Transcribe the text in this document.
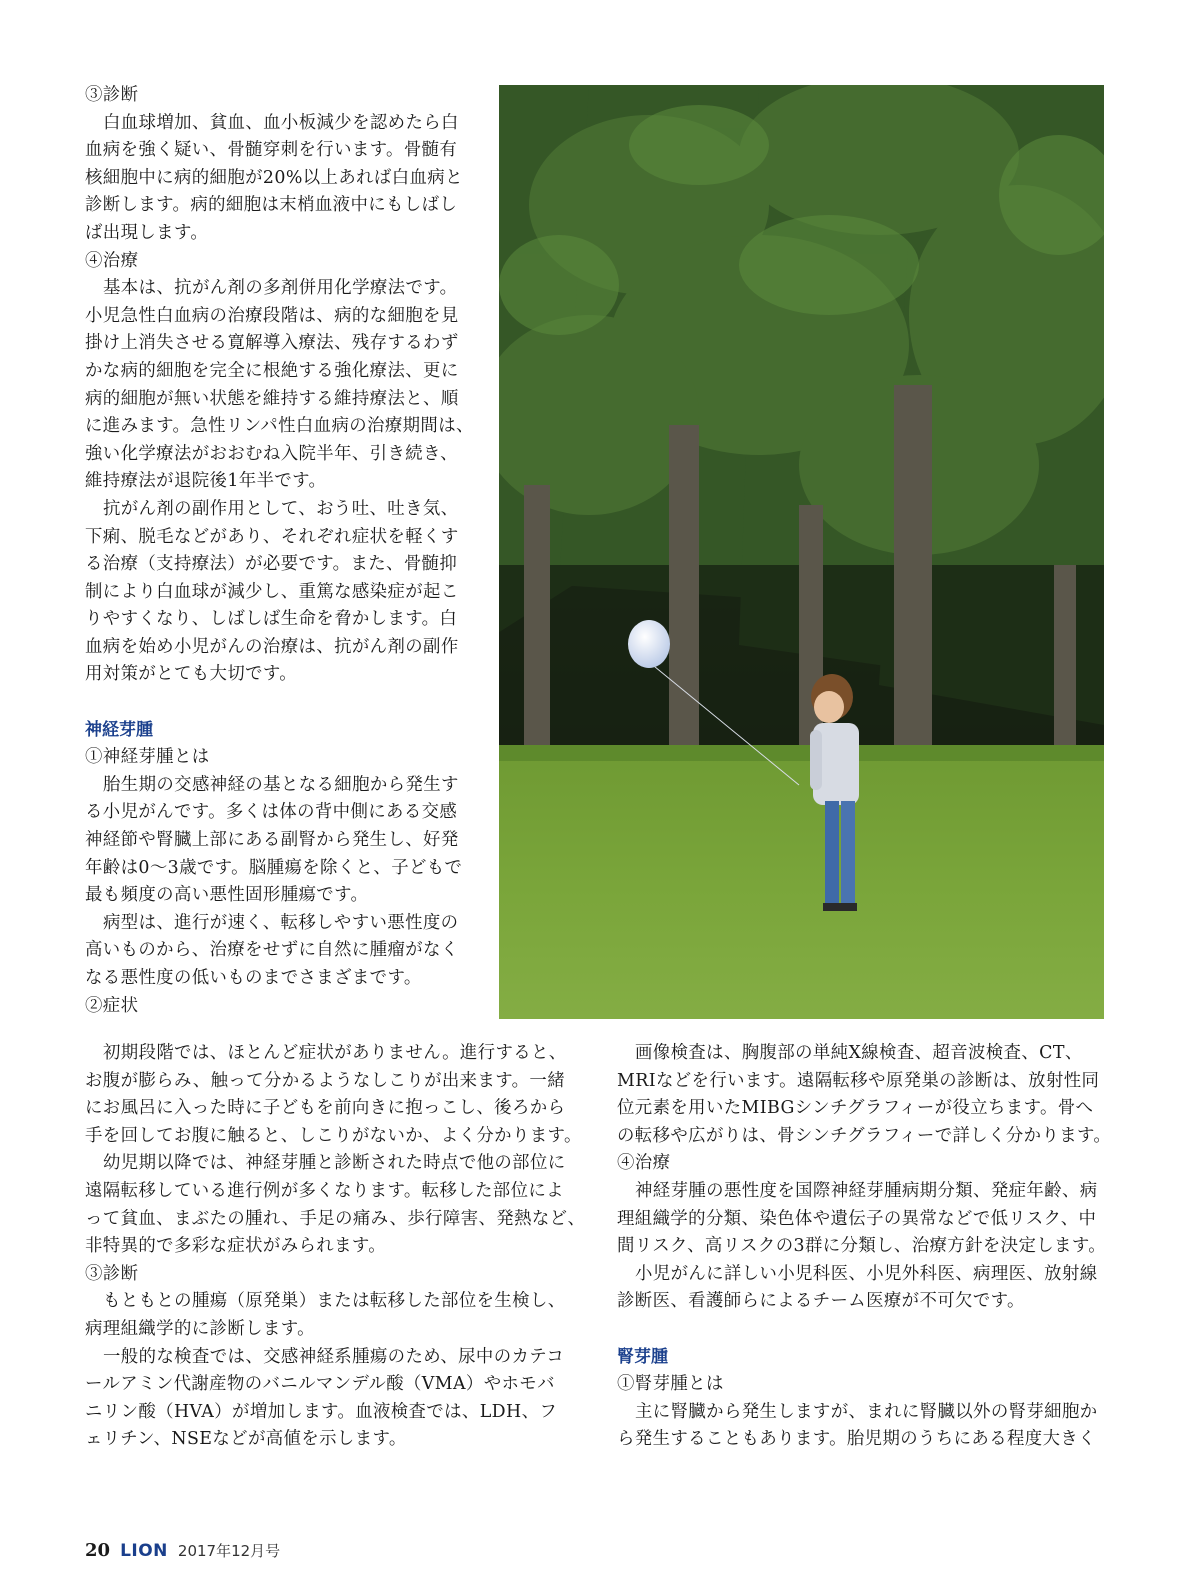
③診断
白血球増加、貧血、血小板減少を認めたら白
血病を強く疑い、骨髄穿刺を行います。骨髄有
核細胞中に病的細胞が20%以上あれば白血病と
診断します。病的細胞は末梢血液中にもしばし
ば出現します。
④治療
基本は、抗がん剤の多剤併用化学療法です。
小児急性白血病の治療段階は、病的な細胞を見
掛け上消失させる寛解導入療法、残存するわず
かな病的細胞を完全に根絶する強化療法、更に
病的細胞が無い状態を維持する維持療法と、順
に進みます。急性リンパ性白血病の治療期間は、
強い化学療法がおおむね入院半年、引き続き、
維持療法が退院後1年半です。
抗がん剤の副作用として、おう吐、吐き気、
下痢、脱毛などがあり、それぞれ症状を軽くす
る治療（支持療法）が必要です。また、骨髄抑
制により白血球が減少し、重篤な感染症が起こ
りやすくなり、しばしば生命を脅かします。白
血病を始め小児がんの治療は、抗がん剤の副作
用対策がとても大切です。
神経芽腫
①神経芽腫とは
胎生期の交感神経の基となる細胞から発生す
る小児がんです。多くは体の背中側にある交感
神経節や腎臓上部にある副腎から発生し、好発
年齢は0～3歳です。脳腫瘍を除くと、子どもで
最も頻度の高い悪性固形腫瘍です。
病型は、進行が速く、転移しやすい悪性度の
高いものから、治療をせずに自然に腫瘤がなく
なる悪性度の低いものまでさまざまです。
②症状
初期段階では、ほとんど症状がありません。進行すると、
お腹が膨らみ、触って分かるようなしこりが出来ます。一緒
にお風呂に入った時に子どもを前向きに抱っこし、後ろから
手を回してお腹に触ると、しこりがないか、よく分かります。
幼児期以降では、神経芽腫と診断された時点で他の部位に
遠隔転移している進行例が多くなります。転移した部位によ
って貧血、まぶたの腫れ、手足の痛み、歩行障害、発熱など、
非特異的で多彩な症状がみられます。
③診断
もともとの腫瘍（原発巣）または転移した部位を生検し、
病理組織学的に診断します。
一般的な検査では、交感神経系腫瘍のため、尿中のカテコ
ールアミン代謝産物のバニルマンデル酸（VMA）やホモバ
ニリン酸（HVA）が増加します。血液検査では、LDH、フ
ェリチン、NSEなどが高値を示します。
画像検査は、胸腹部の単純X線検査、超音波検査、CT、
MRIなどを行います。遠隔転移や原発巣の診断は、放射性同
位元素を用いたMIBGシンチグラフィーが役立ちます。骨へ
の転移や広がりは、骨シンチグラフィーで詳しく分かります。
④治療
神経芽腫の悪性度を国際神経芽腫病期分類、発症年齢、病
理組織学的分類、染色体や遺伝子の異常などで低リスク、中
間リスク、高リスクの3群に分類し、治療方針を決定します。
小児がんに詳しい小児科医、小児外科医、病理医、放射線
診断医、看護師らによるチーム医療が不可欠です。
腎芽腫
①腎芽腫とは
主に腎臓から発生しますが、まれに腎臓以外の腎芽細胞か
ら発生することもあります。胎児期のうちにある程度大きく
20 LION 2017年12月号
